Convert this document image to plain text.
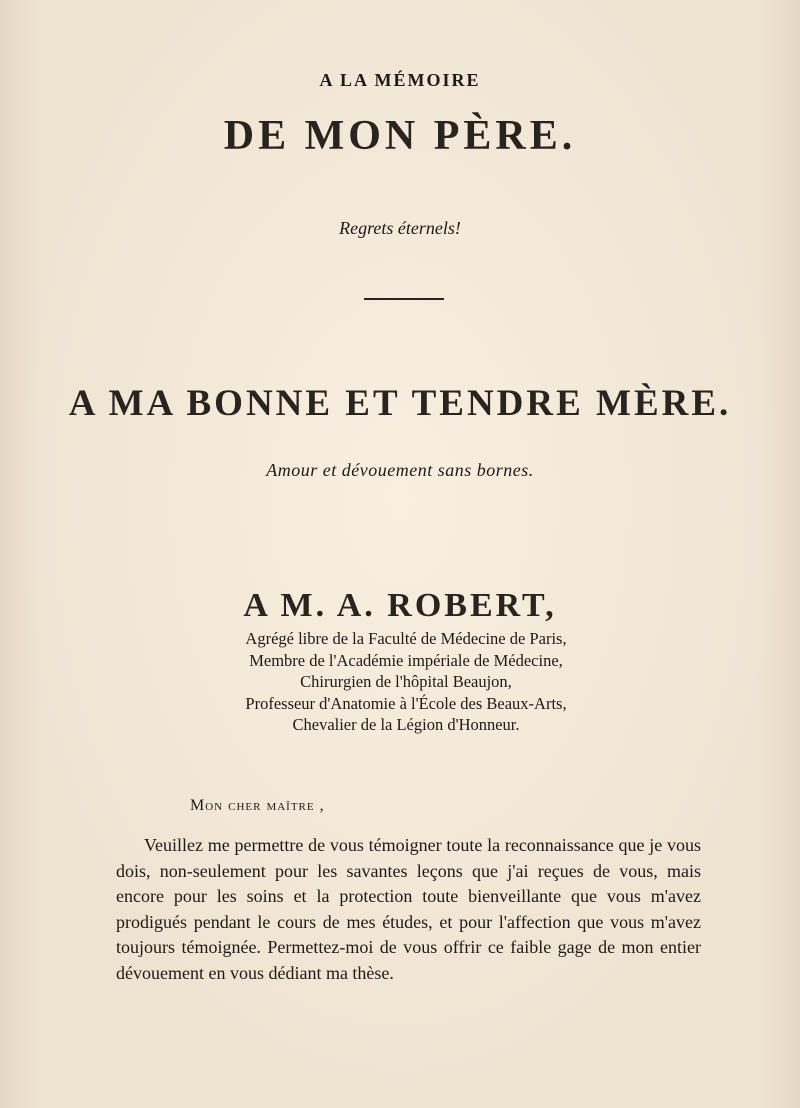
A LA MÉMOIRE
DE MON PÈRE.
Regrets éternels!
A MA BONNE ET TENDRE MÈRE.
Amour et dévouement sans bornes.
A M. A. ROBERT,
Agrégé libre de la Faculté de Médecine de Paris,
Membre de l'Académie impériale de Médecine,
Chirurgien de l'hôpital Beaujon,
Professeur d'Anatomie à l'École des Beaux-Arts,
Chevalier de la Légion d'Honneur.
Mon cher maître ,

Veuillez me permettre de vous témoigner toute la reconnaissance que je vous dois, non-seulement pour les savantes leçons que j'ai reçues de vous, mais encore pour les soins et la protection toute bienveillante que vous m'avez prodigués pendant le cours de mes études, et pour l'affection que vous m'avez toujours témoignée. Permettez-moi de vous offrir ce faible gage de mon entier dévouement en vous dédiant ma thèse.
